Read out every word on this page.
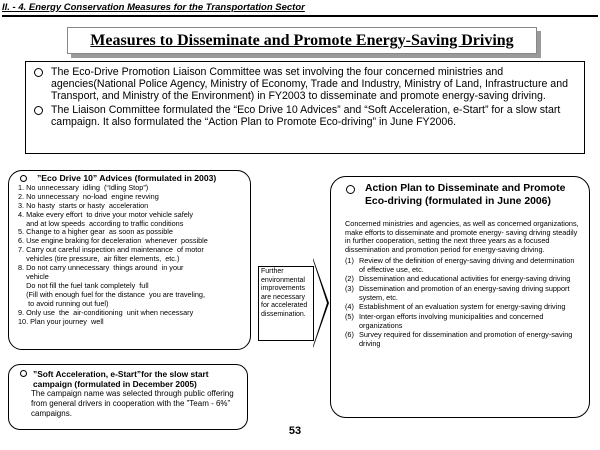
II. - 4. Energy Conservation Measures for the Transportation Sector
Measures to Disseminate and Promote Energy-Saving Driving
The Eco-Drive Promotion Liaison Committee was set involving the four concerned ministries and agencies(National Police Agency, Ministry of Economy, Trade and Industry, Ministry of Land, Infrastructure and Transport, and Ministry of the Environment) in FY2003 to disseminate and promote energy-saving driving.
The Liaison Committee formulated the “Eco Drive 10 Advices” and “Soft Acceleration, e-Start” for a slow start campaign. It also formulated the “Action Plan to Promote Eco-driving” in June FY2006.
”Eco Drive 10” Advices (formulated in 2003)
1. No unnecessary  idling  (“Idling Stop”)
2. No unnecessary  no-load  engine revving
3. No hasty  starts or hasty  acceleration
4. Make every effort  to drive your motor vehicle safely
and at low speeds  according to traffic conditions
5. Change to a higher gear  as soon as possible
6. Use engine braking for deceleration  whenever  possible
7. Carry out careful inspection and maintenance  of motor
vehicles (tire pressure,  air filter elements,  etc.)
8. Do not carry unnecessary  things around  in your
vehicle
Do not fill the fuel tank completely  full
(Fill with enough fuel for the distance  you are traveling,
to avoid running out fuel)
9. Only use  the  air-conditioning  unit when necessary
10. Plan your journey  well
”Soft Acceleration, e-Start”for the slow start campaign (formulated in December 2005)
The campaign name was selected through public offering from general drivers in cooperation with the ”Team - 6%” campaigns.
Further environmental improvements are necessary for accelerated dissemination.
Action Plan to Disseminate and Promote Eco-driving (formulated in June 2006)
Concerned ministries and agencies, as well as concerned organizations, make efforts to disseminate and promote energy- saving driving steadily in further cooperation, setting the next three years as a focused dissemination and promotion period for energy-saving driving.
(1) Review of the definition of energy-saving driving and determination of effective use, etc.
(2) Dissemination and educational activities for energy-saving driving
(3) Dissemination and promotion of an energy-saving driving support system, etc.
(4) Establishment of an evaluation system for energy-saving driving
(5) Inter-organ efforts involving municipalities and concerned organizations
(6) Survey required for dissemination and promotion of energy-saving driving
53
